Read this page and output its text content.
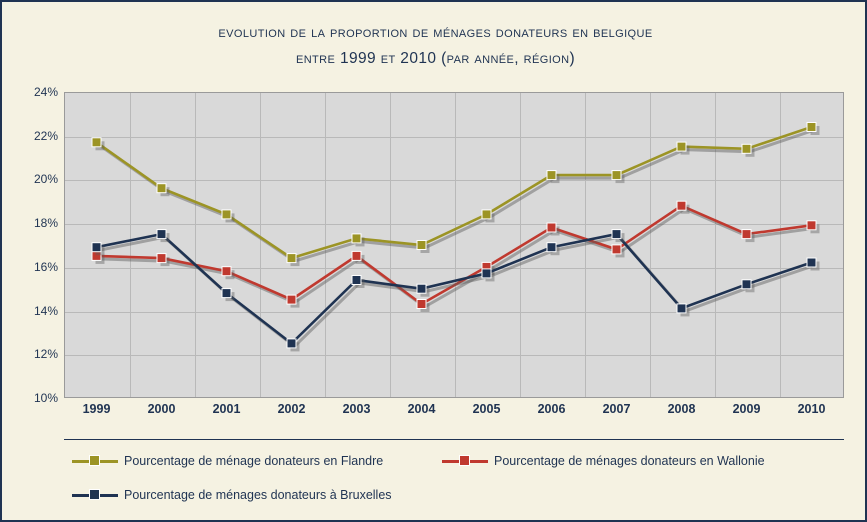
evolution de la proportion de ménages donateurs en belgique
entre 1999 et 2010 (par année, région)
10%
12%
14%
16%
18%
20%
22%
24%
1999	2000	2001	2002	2003	2004	2005	2006	2007	2008	2009	2010
Pourcentage de ménage donateurs en Flandre	Pourcentage de ménages donateurs en Wallonie
Pourcentage de ménages donateurs à Bruxelles
